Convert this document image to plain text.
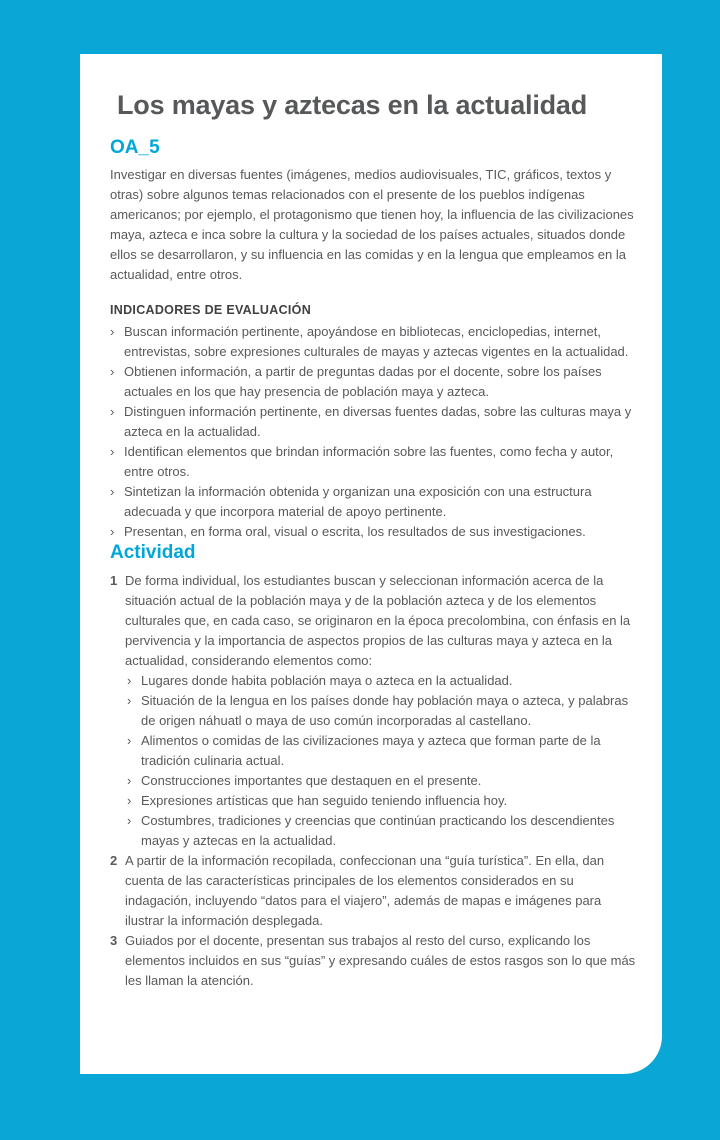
Los mayas y aztecas en la actualidad
OA_5

Investigar en diversas fuentes (imágenes, medios audiovisuales, TIC, gráficos, textos y otras) sobre algunos temas relacionados con el presente de los pueblos indígenas americanos; por ejemplo, el protagonismo que tienen hoy, la influencia de las civilizaciones maya, azteca e inca sobre la cultura y la sociedad de los países actuales, situados donde ellos se desarrollaron, y su influencia en las comidas y en la lengua que empleamos en la actualidad, entre otros.

INDICADORES DE EVALUACIÓN
› Buscan información pertinente, apoyándose en bibliotecas, enciclopedias, internet, entrevistas, sobre expresiones culturales de mayas y aztecas vigentes en la actualidad.
› Obtienen información, a partir de preguntas dadas por el docente, sobre los países actuales en los que hay presencia de población maya y azteca.
› Distinguen información pertinente, en diversas fuentes dadas, sobre las culturas maya y azteca en la actualidad.
› Identifican elementos que brindan información sobre las fuentes, como fecha y autor, entre otros.
› Sintetizan la información obtenida y organizan una exposición con una estructura adecuada y que incorpora material de apoyo pertinente.
› Presentan, en forma oral, visual o escrita, los resultados de sus investigaciones.
Actividad
1 De forma individual, los estudiantes buscan y seleccionan información acerca de la situación actual de la población maya y de la población azteca y de los elementos culturales que, en cada caso, se originaron en la época precolombina, con énfasis en la pervivencia y la importancia de aspectos propios de las culturas maya y azteca en la actualidad, considerando elementos como:
› Lugares donde habita población maya o azteca en la actualidad.
› Situación de la lengua en los países donde hay población maya o azteca, y palabras de origen náhuatl o maya de uso común incorporadas al castellano.
› Alimentos o comidas de las civilizaciones maya y azteca que forman parte de la tradición culinaria actual.
› Construcciones importantes que destaquen en el presente.
› Expresiones artísticas que han seguido teniendo influencia hoy.
› Costumbres, tradiciones y creencias que continúan practicando los descendientes mayas y aztecas en la actualidad.
2 A partir de la información recopilada, confeccionan una “guía turística”. En ella, dan cuenta de las características principales de los elementos considerados en su indagación, incluyendo “datos para el viajero”, además de mapas e imágenes para ilustrar la información desplegada.
3 Guiados por el docente, presentan sus trabajos al resto del curso, explicando los elementos incluidos en sus “guías” y expresando cuáles de estos rasgos son lo que más les llaman la atención.
